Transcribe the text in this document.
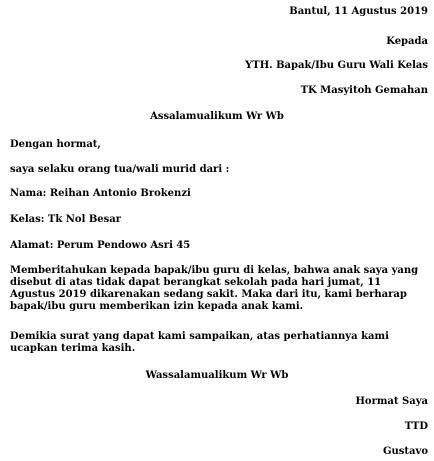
Bantul, 11 Agustus 2019

Kepada

YTH. Bapak/Ibu Guru Wali Kelas

TK Masyitoh Gemahan

Assalamualikum Wr Wb

Dengan hormat,

saya selaku orang tua/wali murid dari :

Nama: Reihan Antonio Brokenzi

Kelas: Tk Nol Besar

Alamat: Perum Pendowo Asri 45

Memberitahukan kepada bapak/ibu guru di kelas, bahwa anak saya yang disebut di atas tidak dapat berangkat sekolah pada hari jumat, 11 Agustus 2019 dikarenakan sedang sakit. Maka dari itu, kami berharap bapak/ibu guru memberikan izin kepada anak kami.

Demikia surat yang dapat kami sampaikan, atas perhatiannya kami ucapkan terima kasih.

Wassalamualikum Wr Wb

Hormat Saya

TTD

Gustavo
